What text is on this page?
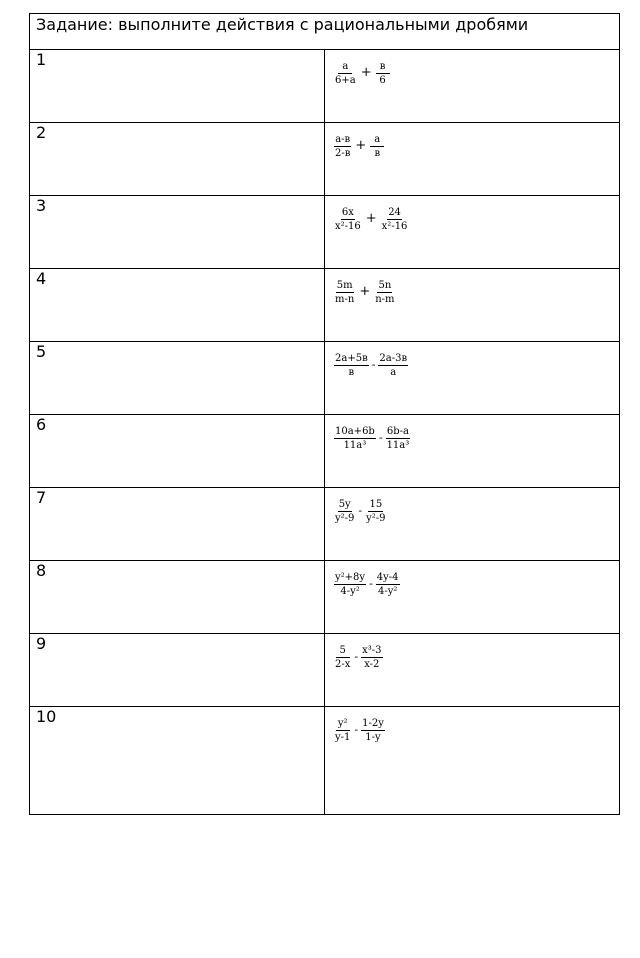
Задание: выполните действия с рациональными дробями	
1	$\frac{a}{6+a} + \frac{в}{6}$

2	$\frac{a-в}{2-в} + \frac{a}{в}$

3	$\frac{6x}{\text{x²-16}} + \frac{24}{\text{x²-16}}$

4	$\frac{5m}{m-n} + \frac{5n}{n-m}$

5	$\frac{2a+5в}{в} - \frac{2a-3в}{a}$

6	$\frac{10a+6b}{\text{11a³}} - \frac{6b-a}{\text{11a³}}$

7	$\frac{5y}{\text{y²-9}} - \frac{15}{\text{y²-9}}$

8	$\frac{\text{y²+8y}}{\text{4-y²}} - \frac{4y-4}{\text{4-y²}}$

9	$\frac{5}{2-x} - \frac{\text{x³-3}}{x-2}$

10	$\frac{\text{y²}}{y-1} - \frac{1-2y}{1-y}$
